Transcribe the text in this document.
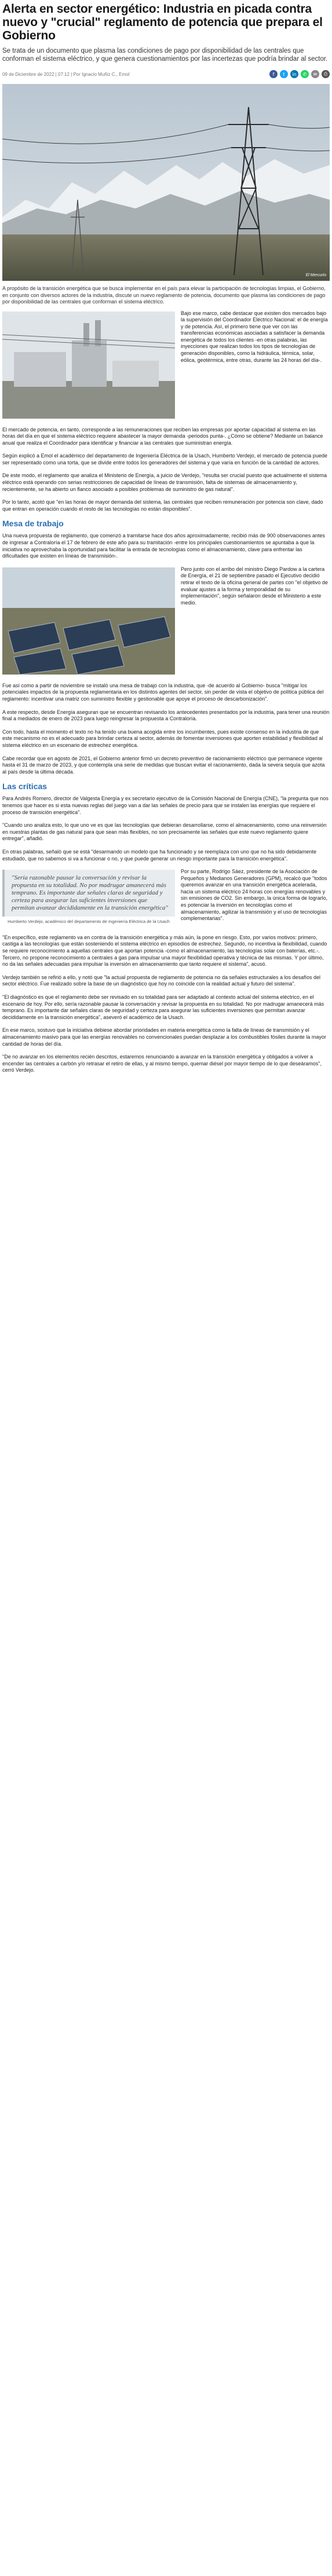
Alerta en sector energético: Industria en picada contra nuevo y "crucial" reglamento de potencia que prepara el Gobierno

Se trata de un documento que plasma las condiciones de pago por disponibilidad de las centrales que conforman el sistema eléctrico, y que genera cuestionamientos por las incertezas que podría brindar al sector.

09 de Diciembre de 2022 | 07:12 | Por Ignacio Muñiz C., Emol	f	t	in	✆	✉	⎙
El Mercurio

A propósito de la transición energética que se busca implementar en el país para elevar la participación de tecnologías limpias, el Gobierno, en conjunto con diversos actores de la industria, discute un nuevo reglamento de potencia, documento que plasma las condiciones de pago por disponibilidad de las centrales que conforman el sistema eléctrico.

Bajo ese marco, cabe destacar que existen dos mercados bajo la supervisión del Coordinador Eléctrico Nacional: el de energía y de potencia. Así, el primero tiene que ver con las transferencias económicas asociadas a satisfacer la demanda energética de todos los clientes -en otras palabras, las inyecciones que realizan todos los tipos de tecnologías de generación disponibles, como la hidráulica, térmica, solar, eólica, geotérmica, entre otras, durante las 24 horas del día-.

El mercado de potencia, en tanto, corresponde a las remuneraciones que reciben las empresas por aportar capacidad al sistema en las horas del día en que el sistema eléctrico requiere abastecer la mayor demanda -periodos punta-. ¿Cómo se obtiene? Mediante un balance anual que realiza el Coordinador para identificar y financiar a las centrales que suministran energía.

Según explicó a Emol el académico del departamento de Ingeniería Eléctrica de la Usach, Humberto Verdejo, el mercado de potencia puede ser representado como una torta, que se divide entre todos los generadores del sistema y que varía en función de la cantidad de actores.

De este modo, el reglamento que analiza el Ministerio de Energía, a juicio de Verdejo, "resulta ser crucial puesto que actualmente el sistema eléctrico está operando con serias restricciones de capacidad de líneas de transmisión, falta de sistemas de almacenamiento y, recientemente, se ha abierto un flanco asociado a posibles problemas de suministro de gas natural".

Por lo tanto, acotó que "en las horas de mayor demanda del sistema, las centrales que reciben remuneración por potencia son clave, dado que entran en operación cuando el resto de las tecnologías no están disponibles".

Mesa de trabajo

Una nueva propuesta de reglamento, que comenzó a tramitarse hace dos años aproximadamente, recibió más de 900 observaciones antes de ingresar a Contraloría el 17 de febrero de este año para su tramitación -entre los principales cuestionamientos se apuntaba a que la iniciativa no aprovechaba la oportunidad para facilitar la entrada de tecnologías como el almacenamiento, clave para enfrentar las dificultades que existen en líneas de transmisión-.

Pero junto con el arribo del ministro Diego Pardow a la cartera de Energía, el 21 de septiembre pasado el Ejecutivo decidió retirar el texto de la oficina general de partes con "el objetivo de evaluar ajustes a la forma y temporalidad de su implementación", según señalaron desde el Ministerio a este medio.

Fue así como a partir de noviembre se instaló una mesa de trabajo con la industria, que -de acuerdo al Gobierno- busca "mitigar los potenciales impactos de la propuesta reglamentaria en los distintos agentes del sector, sin perder de vista el objetivo de política pública del reglamento: incentivar una matriz con suministro flexible y gestionable que apoye el proceso de descarbonización".

A este respecto, desde Energía aseguran que se encuentran revisando los antecedentes presentados por la industria, para tener una reunión final a mediados de enero de 2023 para luego reingresar la propuesta a Contraloría.

Con todo, hasta el momento el texto no ha tenido una buena acogida entre los incumbentes, pues existe consenso en la industria de que este mecanismo no es el adecuado para brindar certeza al sector, además de fomentar inversiones que aporten estabilidad y flexibilidad al sistema eléctrico en un escenario de estrechez energética.

Cabe recordar que en agosto de 2021, el Gobierno anterior firmó un decreto preventivo de racionamiento eléctrico que permanece vigente hasta el 31 de marzo de 2023, y que contempla una serie de medidas que buscan evitar el racionamiento, dada la severa sequía que azota al país desde la última década.

Las críticas

Para Andrés Romero, director de Valgesta Energía y ex secretario ejecutivo de la Comisión Nacional de Energía (CNE), "la pregunta que nos tenemos que hacer es si esta nuevas reglas del juego van a dar las señales de precio para que se instalen las energías que requiere el proceso de transición energética".

"Cuando uno analiza esto, lo que uno ve es que las tecnologías que debieran desarrollarse, como el almacenamiento, como una reinversión en nuestras plantas de gas natural para que sean más flexibles, no son precisamente las señales que este nuevo reglamento quiere entregar", añadió.

En otras palabras, señaló que se está "desarmando un modelo que ha funcionado y se reemplaza con uno que no ha sido debidamente estudiado, que no sabemos si va a funcionar o no, y que puede generar un riesgo importante para la transición energética".

"Sería razonable pausar la conversación y revisar la propuesta en su totalidad. No por madrugar amanecerá más temprano. Es importante dar señales claras de seguridad y certeza para asegurar las suficientes inversiones que permitan avanzar decididamente en la transición energética"
Humberto Verdejo, académico del departamento de Ingeniería Eléctrica de la Usach

Por su parte, Rodrigo Sáez, presidente de la Asociación de Pequeños y Medianos Generadores (GPM), recalcó que "todos queremos avanzar en una transición energética acelerada, hacia un sistema eléctrico 24 horas con energías renovables y sin emisiones de CO2. Sin embargo, la única forma de lograrlo, es potenciar la inversión en tecnologías como el almacenamiento, agilizar la transmisión y el uso de tecnologías complementarias".

"En específico, este reglamento va en contra de la transición energética y más aún, la pone en riesgo. Esto, por varios motivos: primero, castiga a las tecnologías que están sosteniendo el sistema eléctrico en episodios de estrechez. Segundo, no incentiva la flexibilidad, cuando se requiere reconocimiento a aquellas centrales que aportan potencia -como el almacenamiento, las tecnologías solar con baterías, etc.-. Tercero, no propone reconocimiento a centrales a gas para impulsar una mayor flexibilidad operativa y técnica de las mismas. Y por último, no da las señales adecuadas para impulsar la inversión en almacenamiento que tanto requiere el sistema", acusó.

Verdejo también se refirió a ello, y notó que "la actual propuesta de reglamento de potencia no da señales estructurales a los desafíos del sector eléctrico. Fue realizado sobre la base de un diagnóstico que hoy no coincide con la realidad actual y futuro del sistema".

"El diagnóstico es que el reglamento debe ser revisado en su totalidad para ser adaptado al contexto actual del sistema eléctrico, en el escenario de hoy. Por ello, sería razonable pausar la conversación y revisar la propuesta en su totalidad. No por madrugar amanecerá más temprano. Es importante dar señales claras de seguridad y certeza para asegurar las suficientes inversiones que permitan avanzar decididamente en la transición energética", aseveró el académico de la Usach.

En ese marco, sostuvo que la iniciativa debiese abordar prioridades en materia energética como la falta de líneas de transmisión y el almacenamiento masivo para que las energías renovables no convencionales puedan desplazar a los combustibles fósiles durante la mayor cantidad de horas del día.

"De no avanzar en los elementos recién descritos, estaremos renunciando a avanzar en la transición energética y obligados a volver a encender las centrales a carbón y/o retrasar el retiro de ellas, y al mismo tiempo, quemar diésel por mayor tiempo de lo que deseáramos", cerró Verdejo.
